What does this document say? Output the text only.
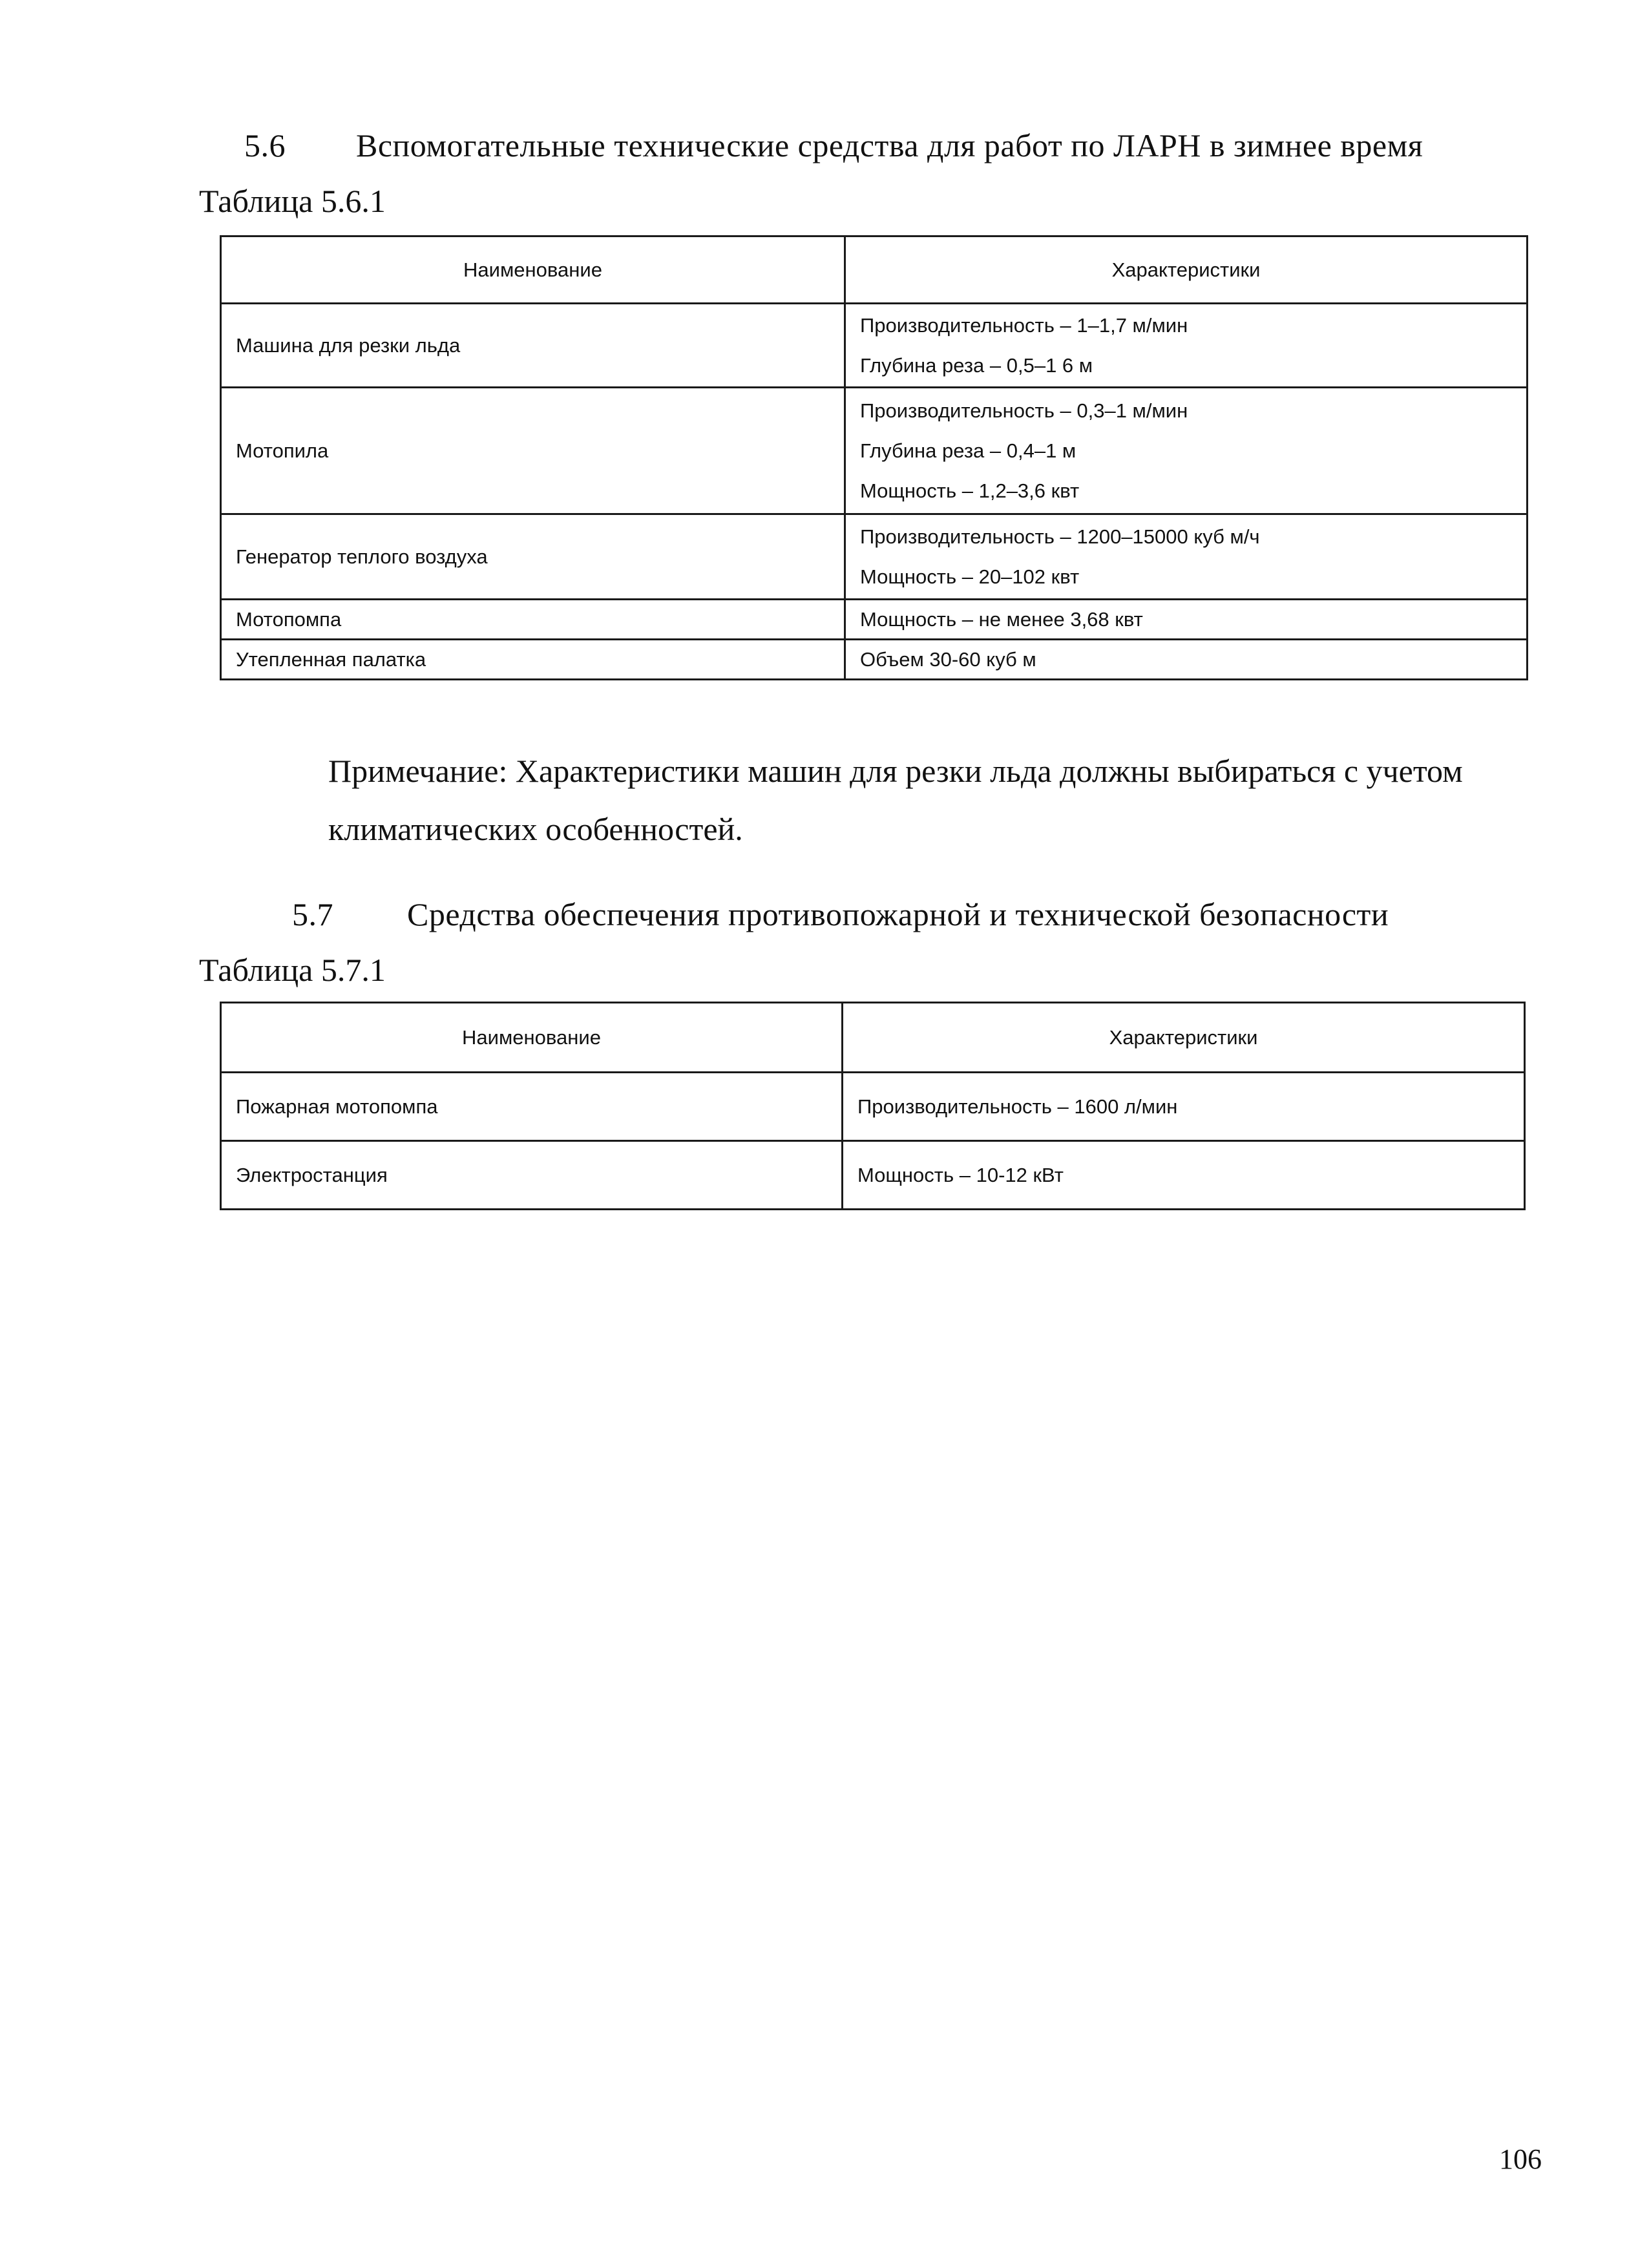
5.6 Вспомогательные технические средства для работ по ЛАРН в зимнее время
Таблица 5.6.1
Наименование	Характеристики
Машина для резки льда	Производительность – 1–1,7 м/мин
Глубина реза – 0,5–1 6 м

Мотопила	Производительность – 0,3–1 м/мин
Глубина реза – 0,4–1 м
Мощность – 1,2–3,6 квт

Генератор теплого воздуха	Производительность – 1200–15000 куб м/ч
Мощность – 20–102 квт

Мотопомпа	Мощность – не менее 3,68 квт
Утепленная палатка	Объем 30-60 куб м
Примечание: Характеристики машин для резки льда должны выбираться с учетом климатических особенностей.
5.7 Средства обеспечения противопожарной и технической безопасности
Таблица 5.7.1
Наименование	Характеристики
Пожарная мотопомпа	Производительность – 1600 л/мин
Электростанция	Мощность – 10-12 кВт
106
